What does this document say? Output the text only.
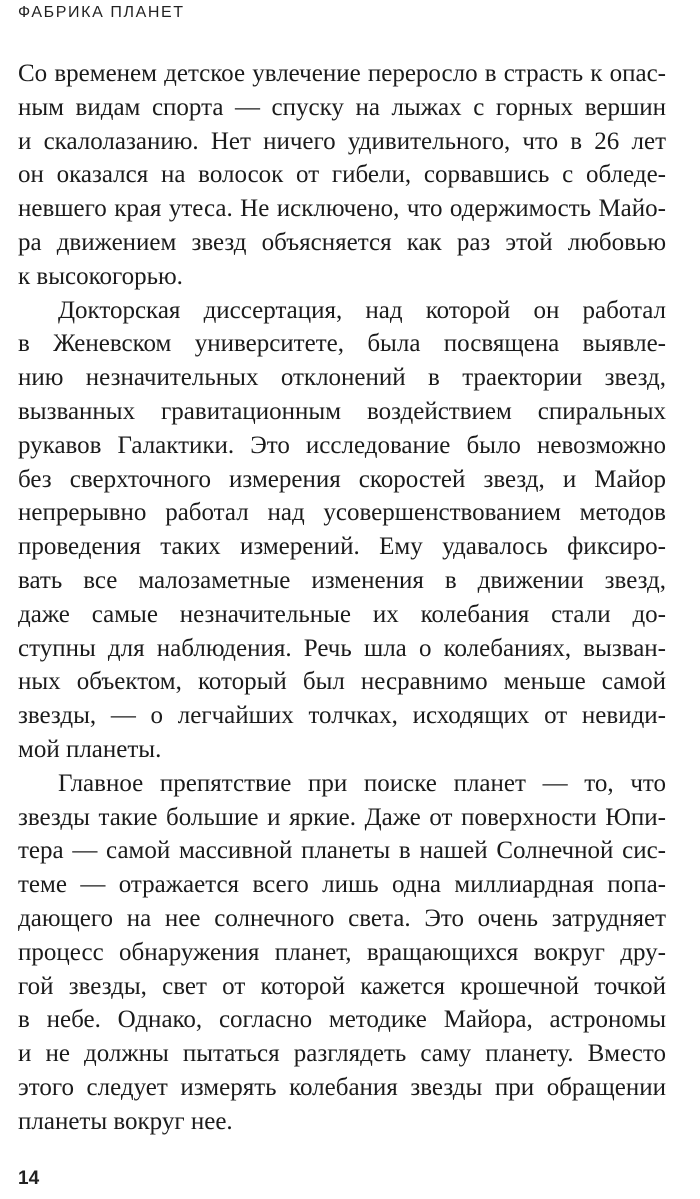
ФАБРИКА ПЛАНЕТ

Со временем детское увлечение переросло в страсть к опас-
ным видам спорта — спуску на лыжах с горных вершин
и скалолазанию. Нет ничего удивительного, что в 26 лет
он оказался на волосок от гибели, сорвавшись с обледе-
невшего края утеса. Не исключено, что одержимость Майо-
ра движением звезд объясняется как раз этой любовью
к высокогорью.

Докторская диссертация, над которой он работал
в Женевском университете, была посвящена выявле-
нию незначительных отклонений в траектории звезд,
вызванных гравитационным воздействием спиральных
рукавов Галактики. Это исследование было невозможно
без сверхточного измерения скоростей звезд, и Майор
непрерывно работал над усовершенствованием методов
проведения таких измерений. Ему удавалось фиксиро-
вать все малозаметные изменения в движении звезд,
даже самые незначительные их колебания стали до-
ступны для наблюдения. Речь шла о колебаниях, вызван-
ных объектом, который был несравнимо меньше самой
звезды, — о легчайших толчках, исходящих от невиди-
мой планеты.

Главное препятствие при поиске планет — то, что
звезды такие большие и яркие. Даже от поверхности Юпи-
тера — самой массивной планеты в нашей Солнечной сис-
теме — отражается всего лишь одна миллиардная попа-
дающего на нее солнечного света. Это очень затрудняет
процесс обнаружения планет, вращающихся вокруг дру-
гой звезды, свет от которой кажется крошечной точкой
в небе. Однако, согласно методике Майора, астрономы
и не должны пытаться разглядеть саму планету. Вместо
этого следует измерять колебания звезды при обращении
планеты вокруг нее.

14
